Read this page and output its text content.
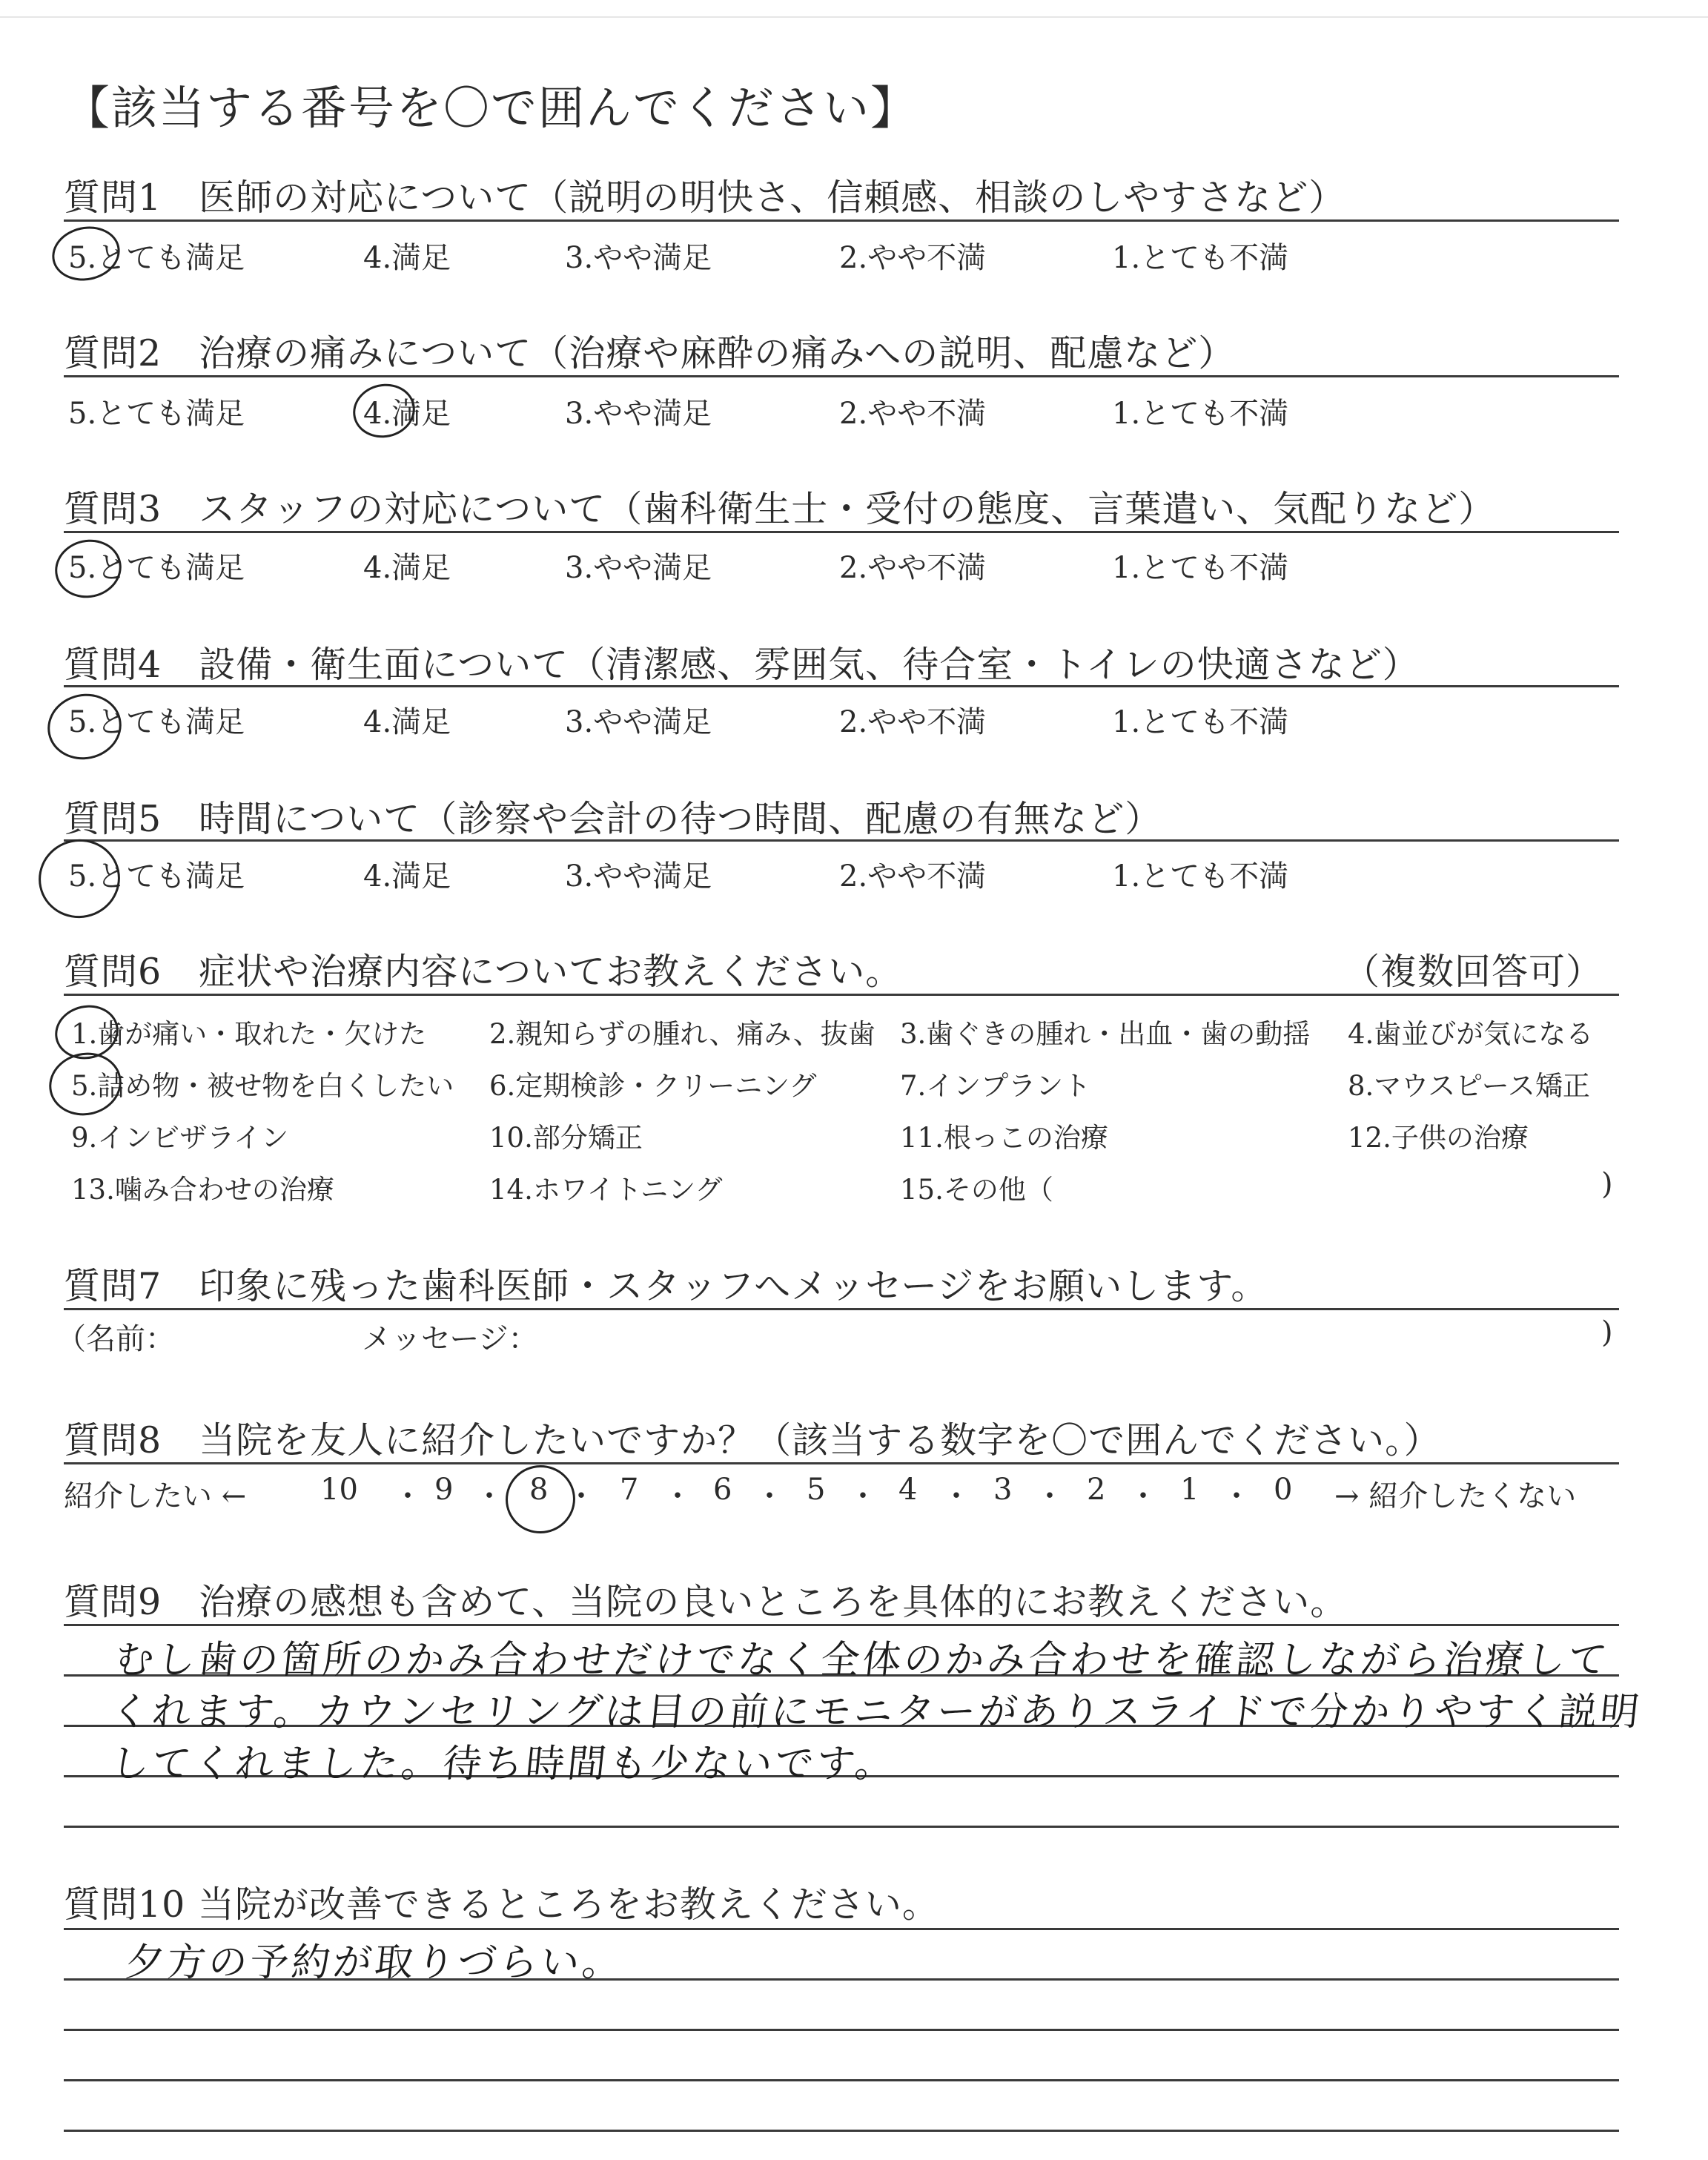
【該当する番号を〇で囲んでください】
質問1　医師の対応について（説明の明快さ、信頼感、相談のしやすさなど）
5.とても満足	4.満足	3.やや満足	2.やや不満	1.とても不満
質問2　治療の痛みについて（治療や麻酔の痛みへの説明、配慮など）
5.とても満足	4.満足	3.やや満足	2.やや不満	1.とても不満
質問3　スタッフの対応について（歯科衛生士・受付の態度、言葉遣い、気配りなど）
5.とても満足	4.満足	3.やや満足	2.やや不満	1.とても不満
質問4　設備・衛生面について（清潔感、雰囲気、待合室・トイレの快適さなど）
5.とても満足	4.満足	3.やや満足	2.やや不満	1.とても不満
質問5　時間について（診察や会計の待つ時間、配慮の有無など）
5.とても満足	4.満足	3.やや満足	2.やや不満	1.とても不満
質問6　症状や治療内容についてお教えください。	（複数回答可）
1.歯が痛い・取れた・欠けた 2.親知らずの腫れ、痛み、抜歯 3.歯ぐきの腫れ・出血・歯の動揺 4.歯並びが気になる
5.詰め物・被せ物を白くしたい 6.定期検診・クリーニング	7.インプラント	8.マウスピース矯正
9.インビザライン	10.部分矯正	11.根っこの治療	12.子供の治療
13.噛み合わせの治療	14.ホワイトニング	15.その他（	)
質問7　印象に残った歯科医師・スタッフへメッセージをお願いします。
（名前：	メッセージ：	)
質問8　当院を友人に紹介したいですか？（該当する数字を〇で囲んでください。）
紹介したい ← 10 ・ 9 ・ 8 ・ 7 ・ 6 ・ 5 ・ 4 ・ 3 ・ 2 ・ 1 ・ 0 → 紹介したくない
質問9　治療の感想も含めて、当院の良いところを具体的にお教えください。
むし歯の箇所のかみ合わせだけでなく全体のかみ合わせを確認しながら治療して
くれます。カウンセリングは目の前にモニターがありスライドで分かりやすく説明
してくれました。待ち時間も少ないです。
質問10 当院が改善できるところをお教えください。
夕方の予約が取りづらい。
